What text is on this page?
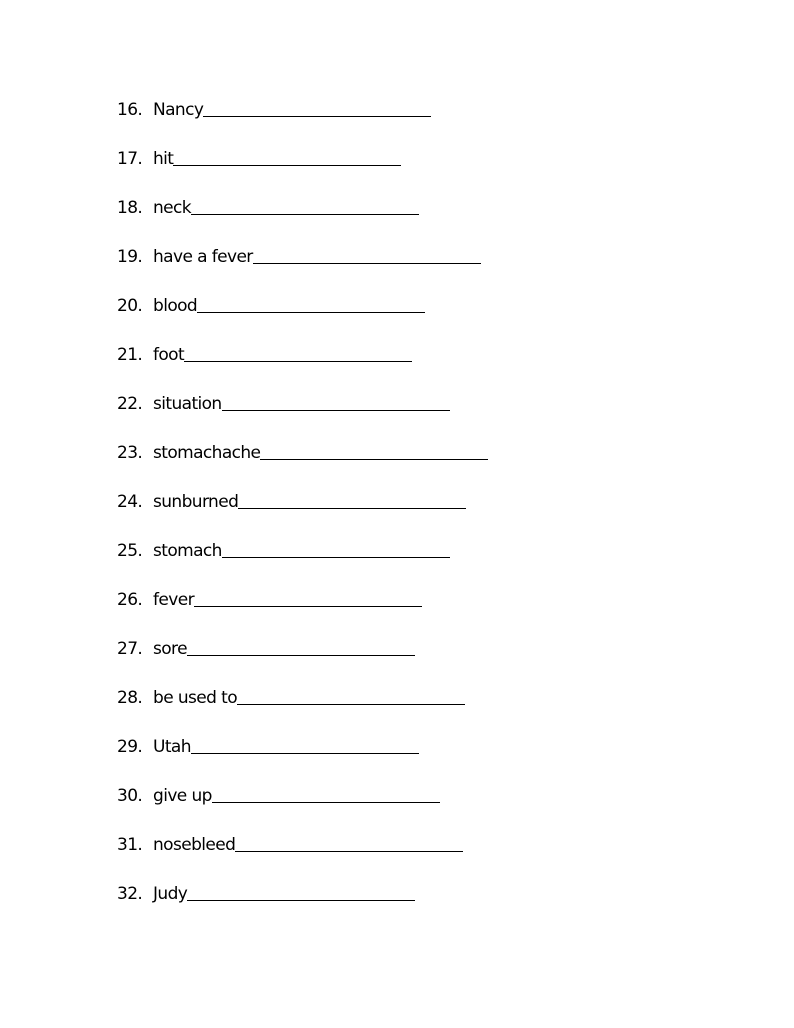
16. Nancy
17. hit
18. neck
19. have a fever
20. blood
21. foot
22. situation
23. stomachache
24. sunburned
25. stomach
26. fever
27. sore
28. be used to
29. Utah
30. give up
31. nosebleed
32. Judy
